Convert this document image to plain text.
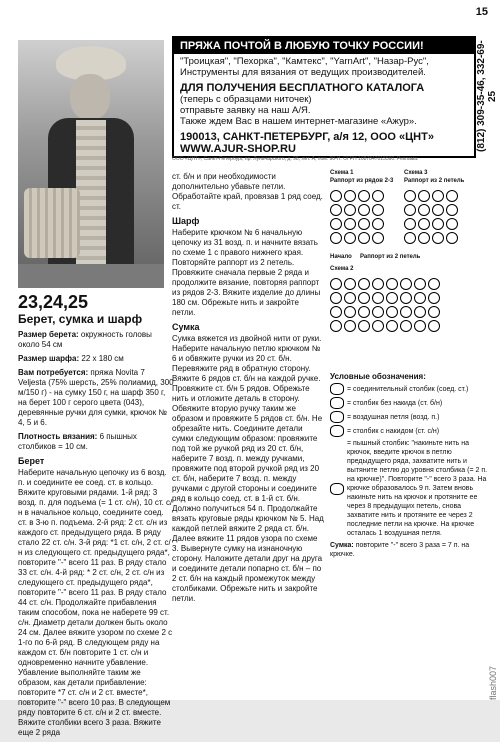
15
ПРЯЖА ПОЧТОЙ В ЛЮБУЮ ТОЧКУ РОССИИ!
"Троицкая", "Пехорка", "Камтекс", "YarnArt", "Назар-Рус",
Инструменты для вязания от ведущих производителей.
ДЛЯ ПОЛУЧЕНИЯ БЕСПЛАТНОГО КАТАЛОГА
(теперь с образцами ниточек)
отправьте заявку на наш А/Я.
Также ждем Вас в нашем интернет-магазине «Ажур».
190013, САНКТ-ПЕТЕРБУРГ, а/я 12, ООО «ЦНТ»
WWW.AJUR-SHOP.RU	(812) 309-35-46, 332-69-25
ООО «ЦНТ», Санкт-Петербург, пр. Луначарского, д. 98, лит. А, пом. 90-Н. ОГРН 1087847015590. Реклама.
23,24,25
Берет, сумка и шарф

Размер берета: окружность головы около 54 см

Размер шарфа: 22 х 180 см

Вам потребуется: пряжа Novita 7 Veljesta (75% шерсть, 25% полиамид, 300 м/150 г) - на сумку 150 г, на шарф 350 г, на берет 100 г серого цвета (043), деревянные ручки для сумки, крючок № 4, 5 и 6.

Плотность вязания: 6 пышных столбиков = 10 см.

Берет

Наберите начальную цепочку из 6 возд. п. и соедините ее соед. ст. в кольцо. Вяжите круговыми рядами. 1-й ряд: 3 возд. п. для подъема (= 1 ст. с/н), 10 ст. с/н в начальное кольцо, соедините соед. ст. в 3-ю п. подъема. 2-й ряд: 2 ст. с/н из каждого ст. предыдущего ряда. В ряду стало 22 ст. с/н. 3-й ряд: *1 ст. с/н, 2 ст. с/н из следующего ст. предыдущего ряда*, повторите "-" всего 11 раз. В ряду стало 33 ст. с/н. 4-й ряд: * 2 ст. с/н, 2 ст. с/н из следующего ст. предыдущего ряда*, повторите "-" всего 11 раз. В ряду стало 44 ст. с/н. Продолжайте прибавления таким способом, пока не наберете 99 ст. с/н. Диаметр детали должен быть около 24 см. Далее вяжите узором по схеме 2 с 1-го по 6-й ряд. В следующем ряду на каждом ст. б/н повторите 1 ст. с/н и одновременно начните убавление. Убавление выполняйте таким же образом, как детали прибавление: повторите *7 ст. с/н и 2 ст. вместе*, повторите "-" всего 10 раз. В следующем ряду повторите 6 ст. с/н и 2 ст. вместе. Вяжите столбики всего 3 раза. Вяжите еще 2 ряда

ст. б/н и при необходимости дополнительно убавьте петли. Обработайте край, провязав 1 ряд соед. ст.

Шарф

Наберите крючком № 6 начальную цепочку из 31 возд. п. и начните вязать по схеме 1 с правого нижнего края. Повторяйте раппорт из 2 петель. Провяжите сначала первые 2 ряда и продолжите вязание, повторяя раппорт из рядов 2-3. Вяжите изделие до длины 180 см. Обрежьте нить и закройте петли.

Сумка

Сумка вяжется из двойной нити от руки. Наберите начальную петлю крючком № 6 и обвяжите ручки из 20 ст. б/н. Перевяжите ряд в обратную сторону. Вяжите 6 рядов ст. б/н на каждой ручке. Провяжите ст. б/н 5 рядов. Обрежьте нить и отложите деталь в сторону. Обвяжите вторую ручку таким же образом и провяжите 5 рядов ст. б/н. Не обрезайте нить. Соедините детали сумки следующим образом: провяжите под той же ручкой ряд из 20 ст. б/н, наберите 7 возд. п. между ручками, провяжите под второй ручкой ряд из 20 ст. б/н, наберите 7 возд. п. между ручками с другой стороны и соедините ряд в кольцо соед. ст. в 1-й ст. б/н. Должно получиться 54 п. Продолжайте вязать круговые ряды крючком № 5. Над каждой петлей вяжите 2 ряда ст. б/н. Далее вяжите 11 рядов узора по схеме 3. Вывернуте сумку на изнаночную сторону. Наложите детали друг на друга и соедините детали попарно ст. б/н – по 2 ст. б/н на каждый промежуток между столбиками. Обрежьте нить и закройте петли.

Схема 1
Раппорт из рядов 2-3
Схема 3
Раппорт из 2 петель
Начало Раппорт из 2 петель
Схема 2
Условные обозначения:
= соединительный столбик (соед. ст.)
= столбик без накида (ст. б/н)
= воздушная петля (возд. п.)
= столбик с накидом (ст. с/н)
= пышный столбик: "накиньте нить на крючок, введите крючок в петлю предыдущего ряда, захватите нить и вытяните петлю до уровня столбика (= 2 п. на крючке)". Повторите "-" всего 3 раза. На крючке образовалось 9 п. Затем вновь накиньте нить на крючок и протяните ее через 8 предыдущих петель, снова захватите нить и протяните ее через 2 последние петли на крючке. На крючке осталась 1 воздушная петля.
Сумка: повторите "-" всего 3 раза = 7 п. на крючке.
flash007
